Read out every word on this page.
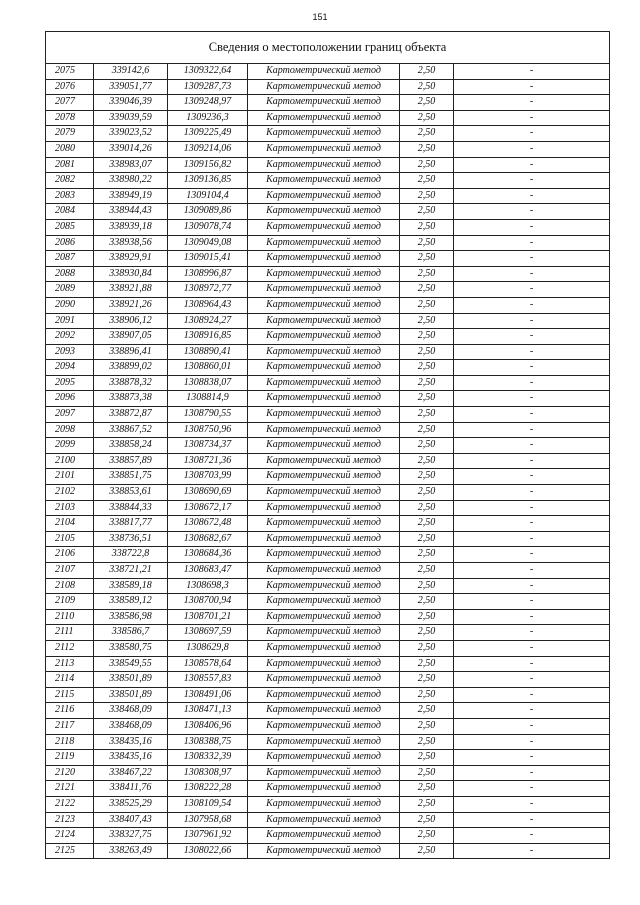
151
Сведения о местоположении границ объекта					
2075	339142,6	1309322,64	Картометрический метод	2,50	-
2076	339051,77	1309287,73	Картометрический метод	2,50	-
2077	339046,39	1309248,97	Картометрический метод	2,50	-
2078	339039,59	1309236,3	Картометрический метод	2,50	-
2079	339023,52	1309225,49	Картометрический метод	2,50	-
2080	339014,26	1309214,06	Картометрический метод	2,50	-
2081	338983,07	1309156,82	Картометрический метод	2,50	-
2082	338980,22	1309136,85	Картометрический метод	2,50	-
2083	338949,19	1309104,4	Картометрический метод	2,50	-
2084	338944,43	1309089,86	Картометрический метод	2,50	-
2085	338939,18	1309078,74	Картометрический метод	2,50	-
2086	338938,56	1309049,08	Картометрический метод	2,50	-
2087	338929,91	1309015,41	Картометрический метод	2,50	-
2088	338930,84	1308996,87	Картометрический метод	2,50	-
2089	338921,88	1308972,77	Картометрический метод	2,50	-
2090	338921,26	1308964,43	Картометрический метод	2,50	-
2091	338906,12	1308924,27	Картометрический метод	2,50	-
2092	338907,05	1308916,85	Картометрический метод	2,50	-
2093	338896,41	1308890,41	Картометрический метод	2,50	-
2094	338899,02	1308860,01	Картометрический метод	2,50	-
2095	338878,32	1308838,07	Картометрический метод	2,50	-
2096	338873,38	1308814,9	Картометрический метод	2,50	-
2097	338872,87	1308790,55	Картометрический метод	2,50	-
2098	338867,52	1308750,96	Картометрический метод	2,50	-
2099	338858,24	1308734,37	Картометрический метод	2,50	-
2100	338857,89	1308721,36	Картометрический метод	2,50	-
2101	338851,75	1308703,99	Картометрический метод	2,50	-
2102	338853,61	1308690,69	Картометрический метод	2,50	-
2103	338844,33	1308672,17	Картометрический метод	2,50	-
2104	338817,77	1308672,48	Картометрический метод	2,50	-
2105	338736,51	1308682,67	Картометрический метод	2,50	-
2106	338722,8	1308684,36	Картометрический метод	2,50	-
2107	338721,21	1308683,47	Картометрический метод	2,50	-
2108	338589,18	1308698,3	Картометрический метод	2,50	-
2109	338589,12	1308700,94	Картометрический метод	2,50	-
2110	338586,98	1308701,21	Картометрический метод	2,50	-
2111	338586,7	1308697,59	Картометрический метод	2,50	-
2112	338580,75	1308629,8	Картометрический метод	2,50	-
2113	338549,55	1308578,64	Картометрический метод	2,50	-
2114	338501,89	1308557,83	Картометрический метод	2,50	-
2115	338501,89	1308491,06	Картометрический метод	2,50	-
2116	338468,09	1308471,13	Картометрический метод	2,50	-
2117	338468,09	1308406,96	Картометрический метод	2,50	-
2118	338435,16	1308388,75	Картометрический метод	2,50	-
2119	338435,16	1308332,39	Картометрический метод	2,50	-
2120	338467,22	1308308,97	Картометрический метод	2,50	-
2121	338411,76	1308222,28	Картометрический метод	2,50	-
2122	338525,29	1308109,54	Картометрический метод	2,50	-
2123	338407,43	1307958,68	Картометрический метод	2,50	-
2124	338327,75	1307961,92	Картометрический метод	2,50	-
2125	338263,49	1308022,66	Картометрический метод	2,50	-
